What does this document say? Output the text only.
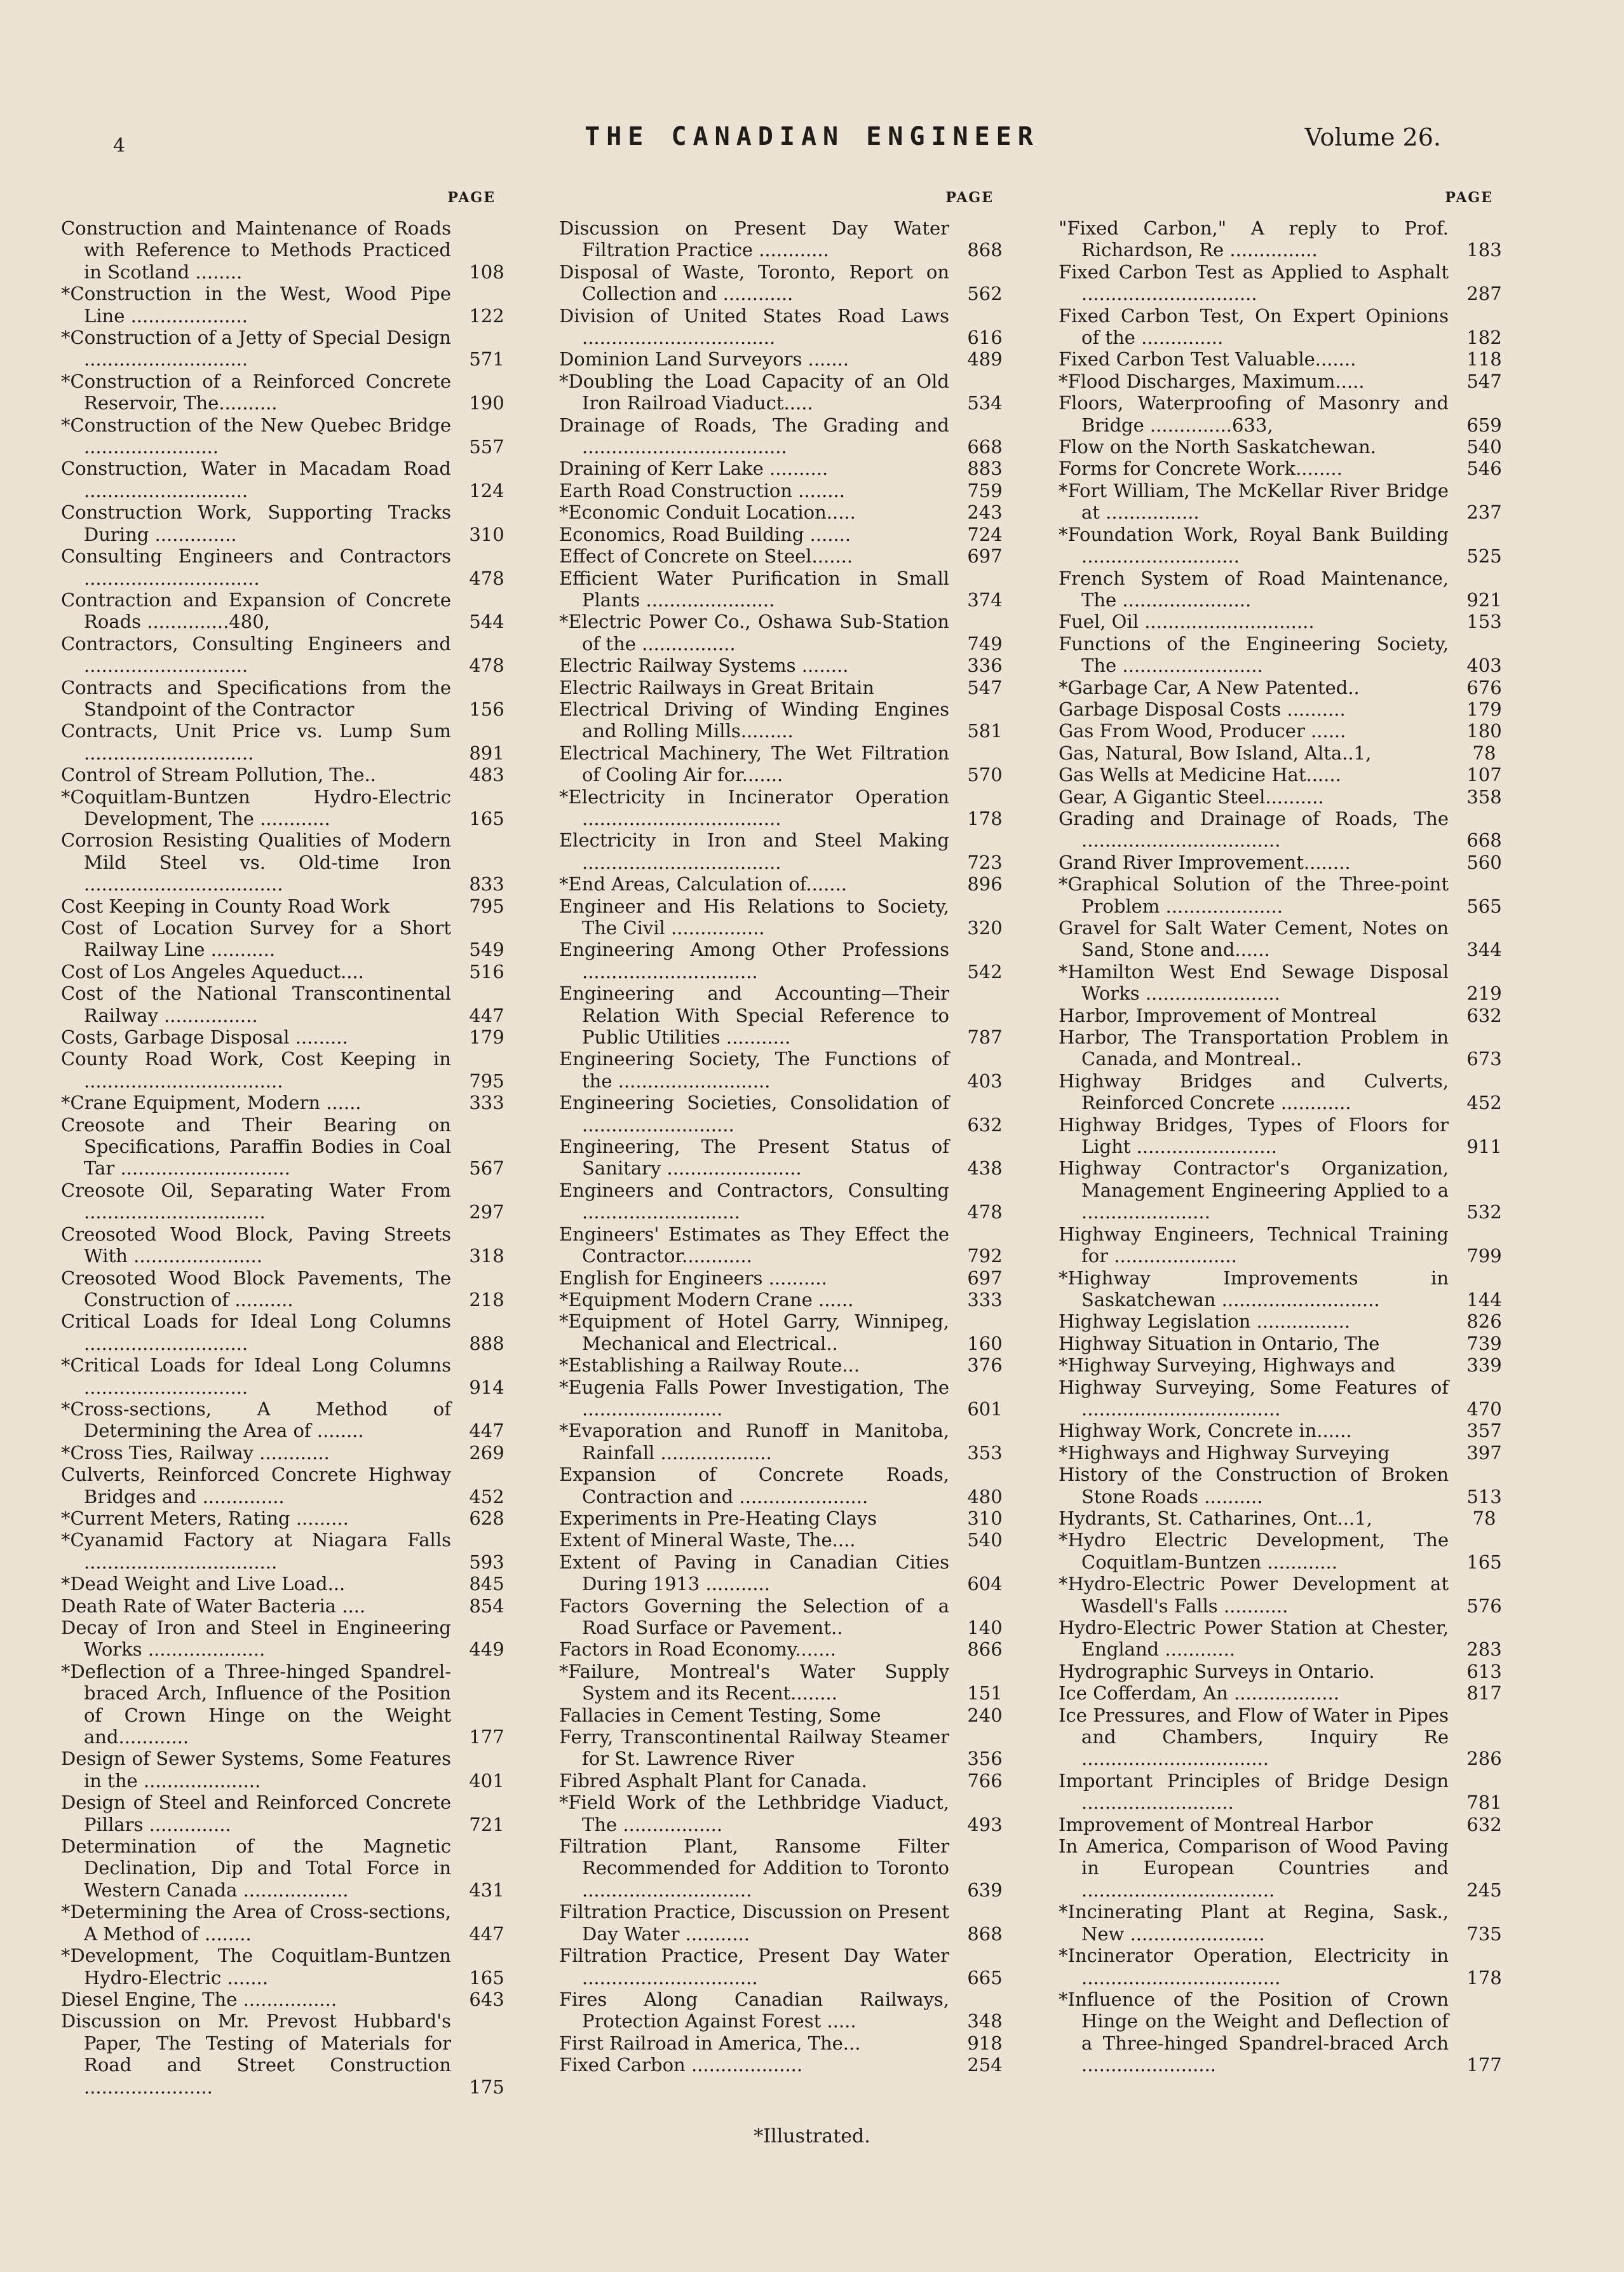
4	THE CANADIAN ENGINEER	Volume 26.
PAGE
Construction and Maintenance of Roads with Reference to Methods Practiced in Scotland ........	108
*Construction in the West, Wood Pipe Line ....................	122
*Construction of a Jetty of Special Design ............................	571
*Construction of a Reinforced Concrete Reservoir, The..........	190
*Construction of the New Quebec Bridge .......................	557
Construction, Water in Macadam Road ............................	124
Construction Work, Supporting Tracks During ..............	310
Consulting Engineers and Contractors ..............................	478
Contraction and Expansion of Concrete Roads ..............480,	544
Contractors, Consulting Engineers and ............................	478
Contracts and Specifications from the Standpoint of the Contractor	156
Contracts, Unit Price vs. Lump Sum .............................	891
Control of Stream Pollution, The..	483
*Coquitlam-Buntzen Hydro-Electric Development, The ............	165
Corrosion Resisting Qualities of Modern Mild Steel vs. Old-time Iron ..................................	833
Cost Keeping in County Road Work	795
Cost of Location Survey for a Short Railway Line ...........	549
Cost of Los Angeles Aqueduct....	516
Cost of the National Transcontinental Railway ................	447
Costs, Garbage Disposal .........	179
County Road Work, Cost Keeping in ..................................	795
*Crane Equipment, Modern ......	333
Creosote and Their Bearing on Specifications, Paraffin Bodies in Coal Tar .............................	567
Creosote Oil, Separating Water From ...............................	297
Creosoted Wood Block, Paving Streets With ......................	318
Creosoted Wood Block Pavements, The Construction of ..........	218
Critical Loads for Ideal Long Columns ............................	888
*Critical Loads for Ideal Long Columns ............................	914
*Cross-sections, A Method of Determining the Area of ........	447
*Cross Ties, Railway ............	269
Culverts, Reinforced Concrete Highway Bridges and ..............	452
*Current Meters, Rating .........	628
*Cyanamid Factory at Niagara Falls .................................	593
*Dead Weight and Live Load...	845
Death Rate of Water Bacteria ....	854
Decay of Iron and Steel in Engineering Works ....................	449
*Deflection of a Three-hinged Spandrel-braced Arch, Influence of the Position of Crown Hinge on the Weight and............	177
Design of Sewer Systems, Some Features in the ....................	401
Design of Steel and Reinforced Concrete Pillars ..............	721
Determination of the Magnetic Declination, Dip and Total Force in Western Canada ..................	431
*Determining the Area of Cross-sections, A Method of ........	447
*Development, The Coquitlam-Buntzen Hydro-Electric .......	165
Diesel Engine, The ................	643
Discussion on Mr. Prevost Hubbard's Paper, The Testing of Materials for Road and Street Construction ......................	175
PAGE
Discussion on Present Day Water Filtration Practice ............	868
Disposal of Waste, Toronto, Report on Collection and ............	562
Division of United States Road Laws .................................	616
Dominion Land Surveyors .......	489
*Doubling the Load Capacity of an Old Iron Railroad Viaduct.....	534
Drainage of Roads, The Grading and ...................................	668
Draining of Kerr Lake ..........	883
Earth Road Construction ........	759
*Economic Conduit Location.....	243
Economics, Road Building .......	724
Effect of Concrete on Steel.......	697
Efficient Water Purification in Small Plants ......................	374
*Electric Power Co., Oshawa Sub-Station of the ................	749
Electric Railway Systems ........	336
Electric Railways in Great Britain	547
Electrical Driving of Winding Engines and Rolling Mills.........	581
Electrical Machinery, The Wet Filtration of Cooling Air for.......	570
*Electricity in Incinerator Operation ..................................	178
Electricity in Iron and Steel Making ..................................	723
*End Areas, Calculation of.......	896
Engineer and His Relations to Society, The Civil ................	320
Engineering Among Other Professions ..............................	542
Engineering and Accounting—Their Relation With Special Reference to Public Utilities ...........	787
Engineering Society, The Functions of the ..........................	403
Engineering Societies, Consolidation of ..........................	632
Engineering, The Present Status of Sanitary .......................	438
Engineers and Contractors, Consulting ...........................	478
Engineers' Estimates as They Effect the Contractor............	792
English for Engineers ..........	697
*Equipment Modern Crane ......	333
*Equipment of Hotel Garry, Winnipeg, Mechanical and Electrical..	160
*Establishing a Railway Route...	376
*Eugenia Falls Power Investigation, The ........................	601
*Evaporation and Runoff in Manitoba, Rainfall ...................	353
Expansion of Concrete Roads, Contraction and ......................	480
Experiments in Pre-Heating Clays	310
Extent of Mineral Waste, The....	540
Extent of Paving in Canadian Cities During 1913 ...........	604
Factors Governing the Selection of a Road Surface or Pavement..	140
Factors in Road Economy.......	866
*Failure, Montreal's Water Supply System and its Recent........	151
Fallacies in Cement Testing, Some	240
Ferry, Transcontinental Railway Steamer for St. Lawrence River	356
Fibred Asphalt Plant for Canada.	766
*Field Work of the Lethbridge Viaduct, The .................	493
Filtration Plant, Ransome Filter Recommended for Addition to Toronto .............................	639
Filtration Practice, Discussion on Present Day Water ...........	868
Filtration Practice, Present Day Water ..............................	665
Fires Along Canadian Railways, Protection Against Forest .....	348
First Railroad in America, The...	918
Fixed Carbon ...................	254
PAGE
"Fixed Carbon," A reply to Prof. Richardson, Re ...............	183
Fixed Carbon Test as Applied to Asphalt ..............................	287
Fixed Carbon Test, On Expert Opinions of the ..............	182
Fixed Carbon Test Valuable.......	118
*Flood Discharges, Maximum.....	547
Floors, Waterproofing of Masonry and Bridge ..............633,	659
Flow on the North Saskatchewan.	540
Forms for Concrete Work........	546
*Fort William, The McKellar River Bridge at ................	237
*Foundation Work, Royal Bank Building ...........................	525
French System of Road Maintenance, The ......................	921
Fuel, Oil .............................	153
Functions of the Engineering Society, The ........................	403
*Garbage Car, A New Patented..	676
Garbage Disposal Costs ..........	179
Gas From Wood, Producer ......	180
Gas, Natural, Bow Island, Alta..1,	78
Gas Wells at Medicine Hat......	107
Gear, A Gigantic Steel..........	358
Grading and Drainage of Roads, The ..................................	668
Grand River Improvement........	560
*Graphical Solution of the Three-point Problem ....................	565
Gravel for Salt Water Cement, Notes on Sand, Stone and......	344
*Hamilton West End Sewage Disposal Works .......................	219
Harbor, Improvement of Montreal	632
Harbor, The Transportation Problem in Canada, and Montreal..	673
Highway Bridges and Culverts, Reinforced Concrete ............	452
Highway Bridges, Types of Floors for Light ........................	911
Highway Contractor's Organization, Management Engineering Applied to a ......................	532
Highway Engineers, Technical Training for .....................	799
*Highway Improvements in Saskatchewan ...........................	144
Highway Legislation ................	826
Highway Situation in Ontario, The	739
*Highway Surveying, Highways and	339
Highway Surveying, Some Features of ..................................	470
Highway Work, Concrete in......	357
*Highways and Highway Surveying	397
History of the Construction of Broken Stone Roads ..........	513
Hydrants, St. Catharines, Ont...1,	78
*Hydro Electric Development, The Coquitlam-Buntzen ............	165
*Hydro-Electric Power Development at Wasdell's Falls ...........	576
Hydro-Electric Power Station at Chester, England ............	283
Hydrographic Surveys in Ontario.	613
Ice Cofferdam, An ..................	817
Ice Pressures, and Flow of Water in Pipes and Chambers, Inquiry Re ................................	286
Important Principles of Bridge Design ..........................	781
Improvement of Montreal Harbor	632
In America, Comparison of Wood Paving in European Countries and .................................	245
*Incinerating Plant at Regina, Sask., New .......................	735
*Incinerator Operation, Electricity in ..................................	178
*Influence of the Position of Crown Hinge on the Weight and Deflection of a Three-hinged Spandrel-braced Arch .......................	177
*Illustrated.
